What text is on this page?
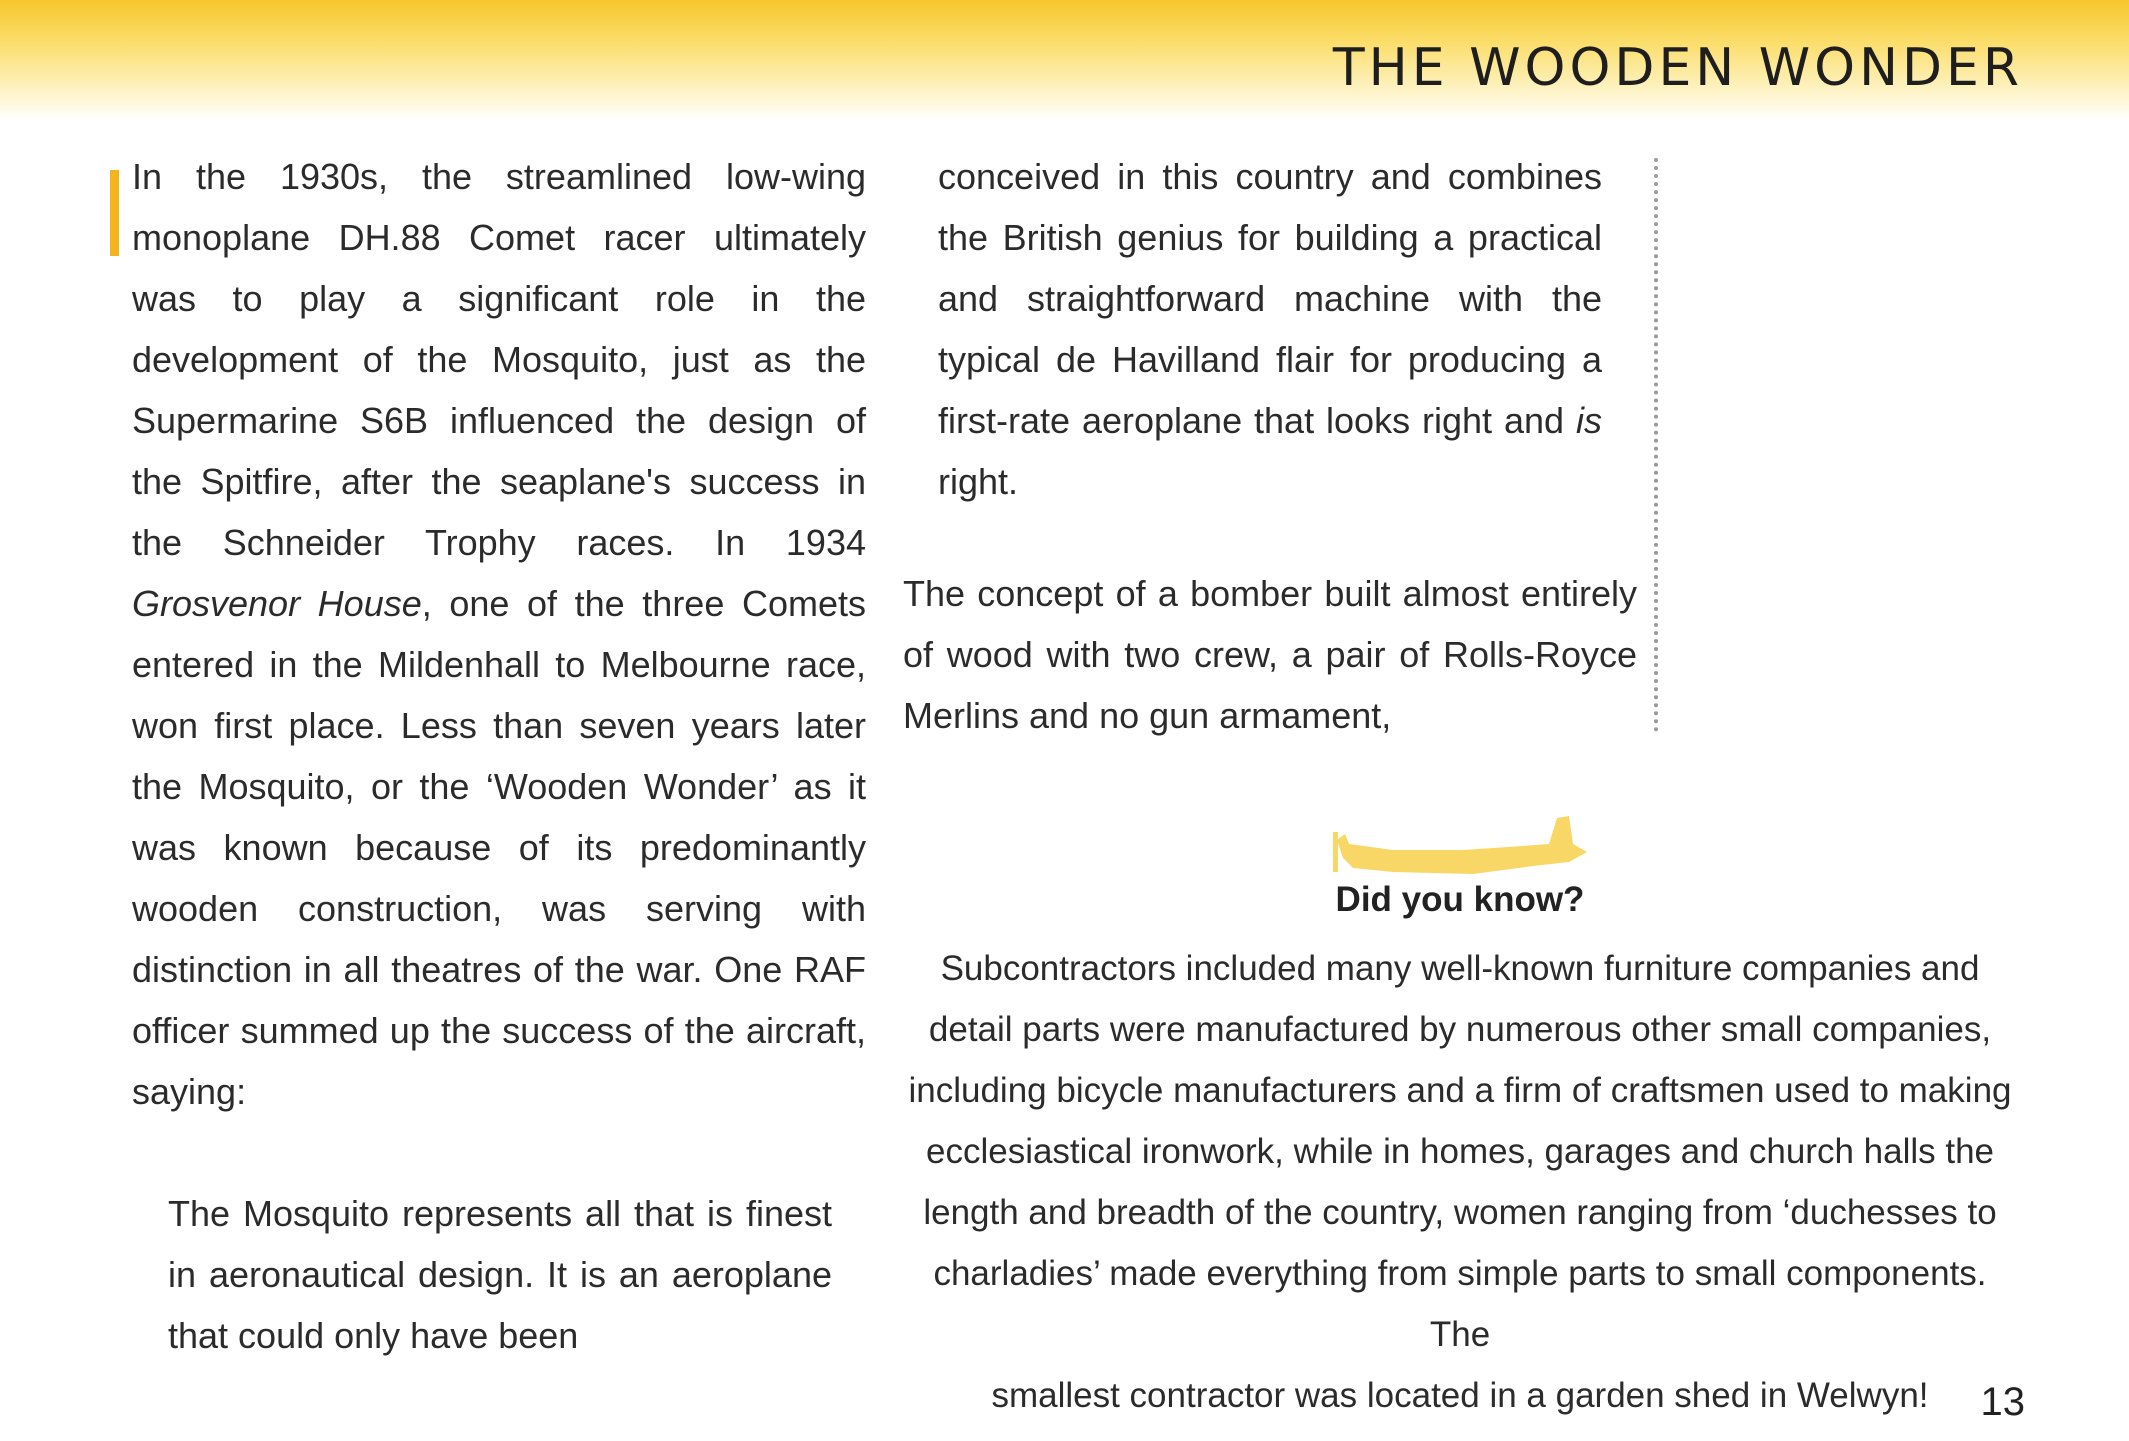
THE WOODEN WONDER

In the 1930s, the streamlined low-wing monoplane DH.88 Comet racer ultimately was to play a significant role in the development of the Mosquito, just as the Supermarine S6B influenced the design of the Spitfire, after the seaplane's success in the Schneider Trophy races. In 1934 Grosvenor House, one of the three Comets entered in the Mildenhall to Melbourne race, won first place. Less than seven years later the Mosquito, or the ‘Wooden Wonder’ as it was known because of its predominantly wooden construction, was serving with distinction in all theatres of the war. One RAF officer summed up the success of the aircraft, saying:

The Mosquito represents all that is finest in aeronautical design. It is an aeroplane that could only have been

conceived in this country and combines the British genius for building a practical and straightforward machine with the typical de Havilland flair for producing a first-rate aeroplane that looks right and is right.

The concept of a bomber built almost entirely of wood with two crew, a pair of Rolls-Royce Merlins and no gun armament,

Did you know?
Subcontractors included many well-known furniture companies and
detail parts were manufactured by numerous other small companies,
including bicycle manufacturers and a firm of craftsmen used to making
ecclesiastical ironwork, while in homes, garages and church halls the
length and breadth of the country, women ranging from ‘duchesses to
charladies’ made everything from simple parts to small components. The
smallest contractor was located in a garden shed in Welwyn!	13
